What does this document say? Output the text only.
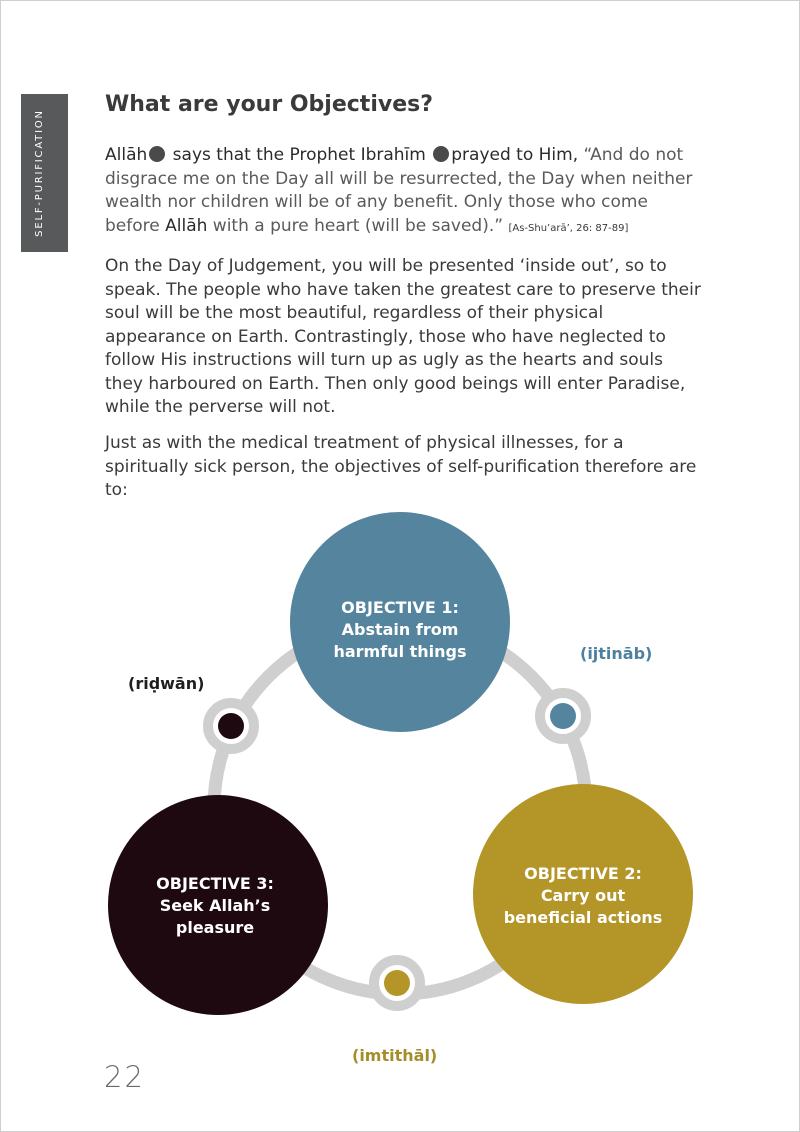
SELF-PURIFICATION
What are your Objectives?

Allāh says that the Prophet Ibrahīm prayed to Him, “And do not disgrace me on the Day all will be resurrected, the Day when neither wealth nor children will be of any benefit. Only those who come before Allāh with a pure heart (will be saved).” [As-Shu’arā’, 26: 87-89]

On the Day of Judgement, you will be presented ‘inside out’, so to speak. The people who have taken the greatest care to preserve their soul will be the most beautiful, regardless of their physical appearance on Earth. Contrastingly, those who have neglected to follow His instructions will turn up as ugly as the hearts and souls they harboured on Earth. Then only good beings will enter Paradise, while the perverse will not.

Just as with the medical treatment of physical illnesses, for a spiritually sick person, the objectives of self-purification therefore are to:

OBJECTIVE 1:
Abstain from
harmful things
OBJECTIVE 2:
Carry out
beneficial actions
OBJECTIVE 3:
Seek Allah’s
pleasure
(riḍwān)
(ijtināb)
(imtithāl)
22
